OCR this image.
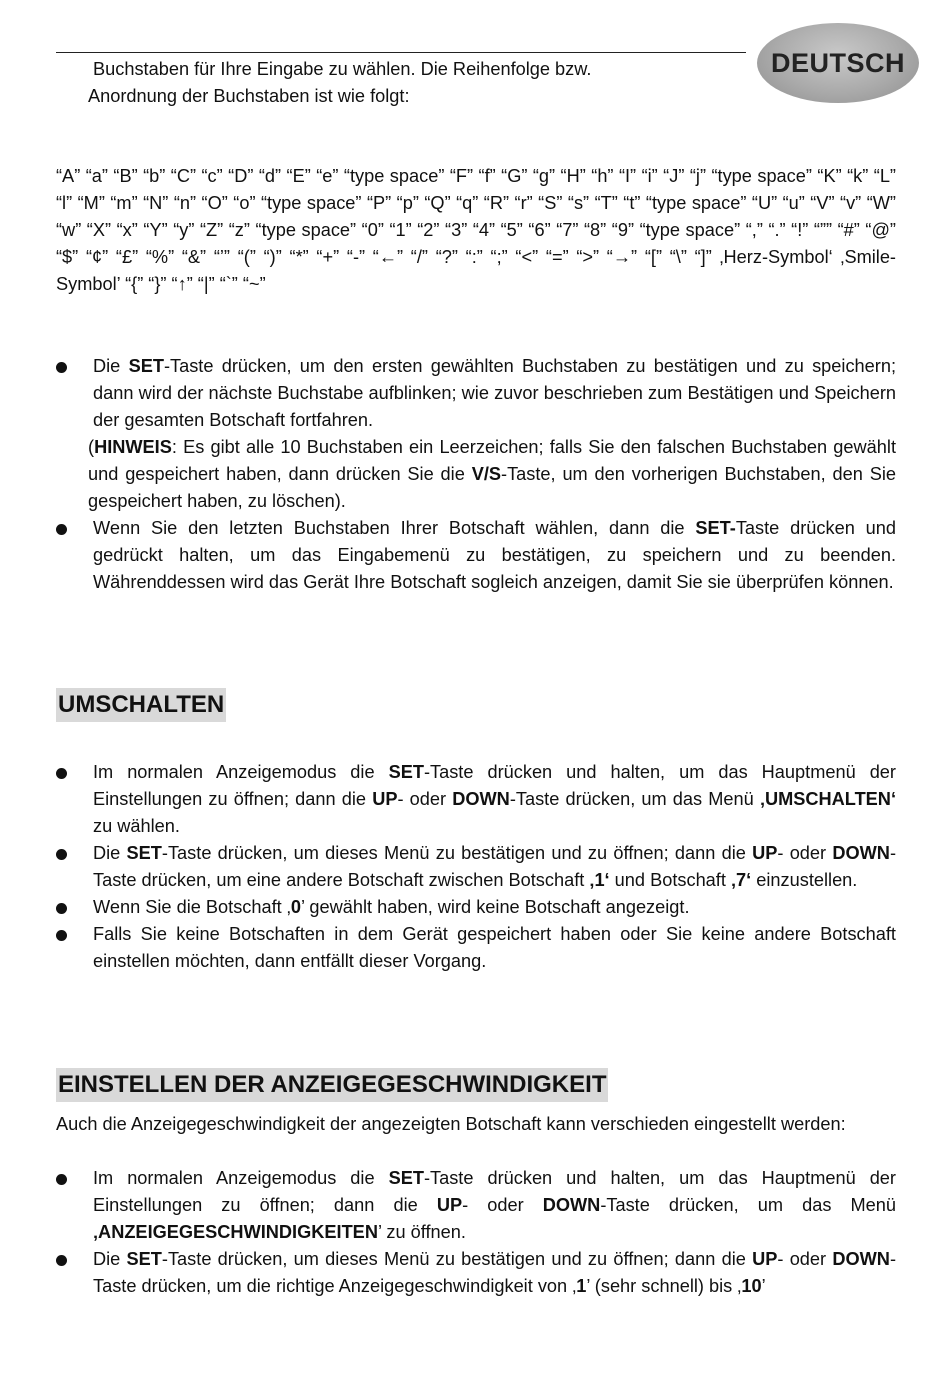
DEUTSCH

Buchstaben für Ihre Eingabe zu wählen. Die Reihenfolge bzw.

Anordnung der Buchstaben ist wie folgt:

“A” “a” “B” “b” “C” “c” “D” “d” “E” “e” “type space” “F” “f” “G” “g” “H” “h” “I” “i” “J” “j” “type space” “K” “k” “L” “l” “M” “m” “N” “n” “O” “o” “type space” “P” “p” “Q” “q” “R” “r” “S” “s” “T” “t” “type space” “U” “u” “V” “v” “W” “w” “X” “x” “Y” “y” “Z” “z” “type space” “0” “1” “2” “3” “4” “5” “6” “7” “8” “9” “type space” “,” “.” “!” “”” “#” “@” “$” “¢” “£” “%” “&” “’” “(” “)” “*” “+” “-” “←” “/” “?” “:” “;” “<” “=” “>” “→” “[” “\” “]” ‚Herz-Symbol‘ ‚Smile-Symbol’ “{” “}” “↑” “|” “`” “~”

Die SET-Taste drücken, um den ersten gewählten Buchstaben zu bestätigen und zu speichern; dann wird der nächste Buchstabe aufblinken; wie zuvor beschrieben zum Bestätigen und Speichern der gesamten Botschaft fortfahren.

(HINWEIS: Es gibt alle 10 Buchstaben ein Leerzeichen; falls Sie den falschen Buchstaben gewählt und gespeichert haben, dann drücken Sie die V/S-Taste, um den vorherigen Buchstaben, den Sie gespeichert haben, zu löschen).

Wenn Sie den letzten Buchstaben Ihrer Botschaft wählen, dann die SET-Taste drücken und gedrückt halten, um das Eingabemenü zu bestätigen, zu speichern und zu beenden. Währenddessen wird das Gerät Ihre Botschaft sogleich anzeigen, damit Sie sie überprüfen können.
UMSCHALTEN
Im normalen Anzeigemodus die SET-Taste drücken und halten, um das Hauptmenü der Einstellungen zu öffnen; dann die UP- oder DOWN-Taste drücken, um das Menü ‚UMSCHALTEN‘ zu wählen.
Die SET-Taste drücken, um dieses Menü zu bestätigen und zu öffnen; dann die UP- oder DOWN-Taste drücken, um eine andere Botschaft zwischen Botschaft ‚1‘ und Botschaft ‚7‘ einzustellen.
Wenn Sie die Botschaft ‚0’ gewählt haben, wird keine Botschaft angezeigt.
Falls Sie keine Botschaften in dem Gerät gespeichert haben oder Sie keine andere Botschaft einstellen möchten, dann entfällt dieser Vorgang.
EINSTELLEN DER ANZEIGEGESCHWINDIGKEIT

Auch die Anzeigegeschwindigkeit der angezeigten Botschaft kann verschieden eingestellt werden:

Im normalen Anzeigemodus die SET-Taste drücken und halten, um das Hauptmenü der Einstellungen zu öffnen; dann die UP- oder DOWN-Taste drücken, um das Menü ‚ANZEIGEGESCHWINDIGKEITEN’ zu öffnen.
Die SET-Taste drücken, um dieses Menü zu bestätigen und zu öffnen; dann die UP- oder DOWN-Taste drücken, um die richtige Anzeigegeschwindigkeit von ‚1’ (sehr schnell) bis ‚10’
